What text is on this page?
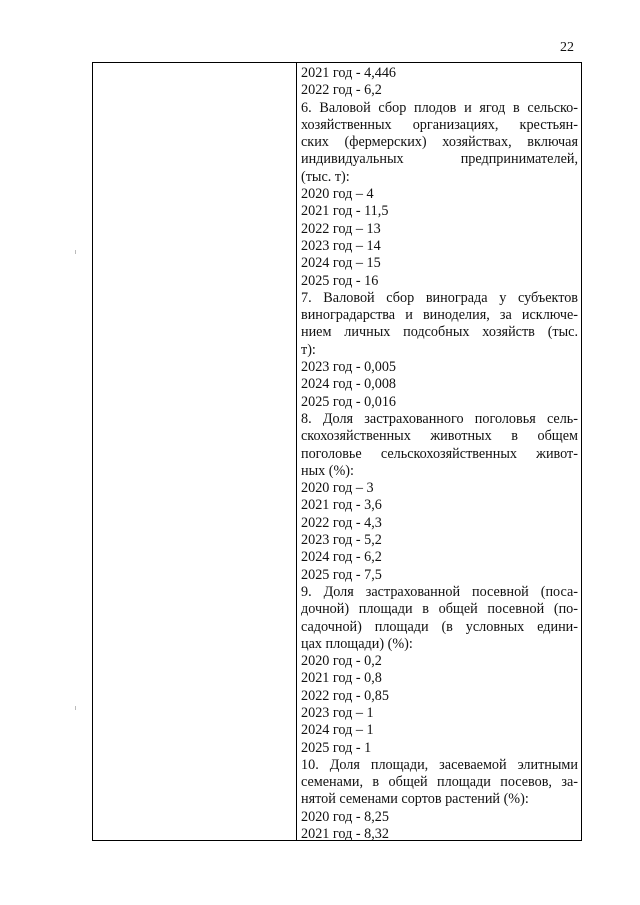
22
2021 год - 4,446
2022 год - 6,2
6. Валовой сбор плодов и ягод в сельско-
хозяйственных организациях, крестьян-
ских (фермерских) хозяйствах, включая
индивидуальных предпринимателей,
(тыс. т):
2020 год – 4
2021 год - 11,5
2022 год – 13
2023 год – 14
2024 год – 15
2025 год - 16
7. Валовой сбор винограда у субъектов
виноградарства и виноделия, за исключе-
нием личных подсобных хозяйств (тыс.
т):
2023 год - 0,005
2024 год - 0,008
2025 год - 0,016
8. Доля застрахованного поголовья сель-
скохозяйственных животных в общем
поголовье сельскохозяйственных живот-
ных (%):
2020 год – 3
2021 год - 3,6
2022 год - 4,3
2023 год - 5,2
2024 год - 6,2
2025 год - 7,5
9. Доля застрахованной посевной (поса-
дочной) площади в общей посевной (по-
садочной) площади (в условных едини-
цах площади) (%):
2020 год - 0,2
2021 год - 0,8
2022 год - 0,85
2023 год – 1
2024 год – 1
2025 год - 1
10. Доля площади, засеваемой элитными
семенами, в общей площади посевов, за-
нятой семенами сортов растений (%):
2020 год - 8,25
2021 год - 8,32
